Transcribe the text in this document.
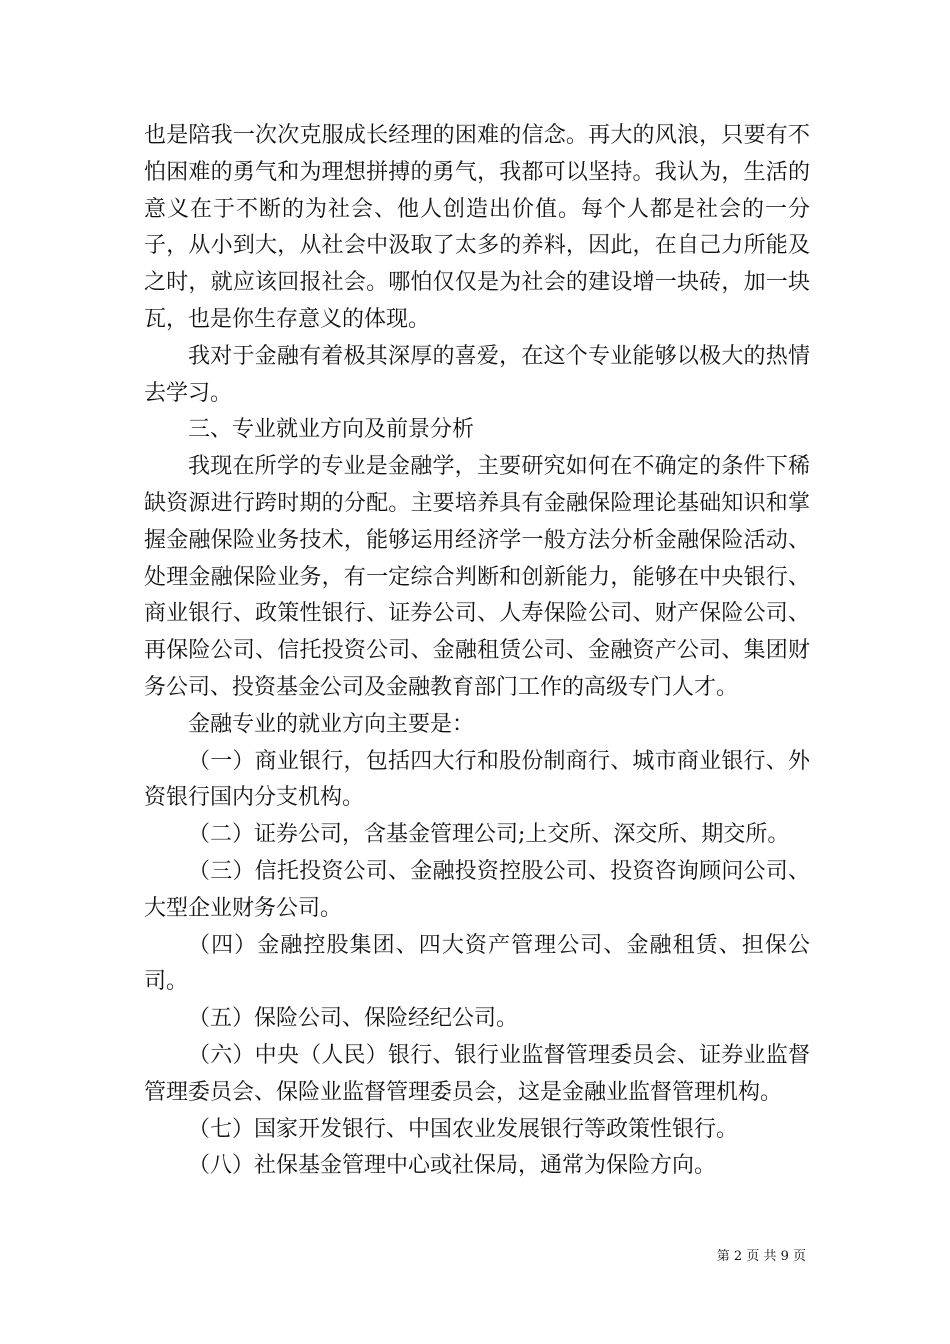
也是陪我一次次克服成长经理的困难的信念。再大的风浪，只要有不怕困难的勇气和为理想拼搏的勇气，我都可以坚持。我认为，生活的意义在于不断的为社会、他人创造出价值。每个人都是社会的一分子，从小到大，从社会中汲取了太多的养料，因此，在自己力所能及之时，就应该回报社会。哪怕仅仅是为社会的建设增一块砖，加一块瓦，也是你生存意义的体现。

我对于金融有着极其深厚的喜爱，在这个专业能够以极大的热情去学习。

三、专业就业方向及前景分析

我现在所学的专业是金融学，主要研究如何在不确定的条件下稀缺资源进行跨时期的分配。主要培养具有金融保险理论基础知识和掌握金融保险业务技术，能够运用经济学一般方法分析金融保险活动、处理金融保险业务，有一定综合判断和创新能力，能够在中央银行、商业银行、政策性银行、证券公司、人寿保险公司、财产保险公司、再保险公司、信托投资公司、金融租赁公司、金融资产公司、集团财务公司、投资基金公司及金融教育部门工作的高级专门人才。

金融专业的就业方向主要是：

（一）商业银行，包括四大行和股份制商行、城市商业银行、外资银行国内分支机构。

（二）证券公司，含基金管理公司;上交所、深交所、期交所。

（三）信托投资公司、金融投资控股公司、投资咨询顾问公司、大型企业财务公司。

（四）金融控股集团、四大资产管理公司、金融租赁、担保公司。

（五）保险公司、保险经纪公司。

（六）中央（人民）银行、银行业监督管理委员会、证券业监督管理委员会、保险业监督管理委员会，这是金融业监督管理机构。

（七）国家开发银行、中国农业发展银行等政策性银行。

（八）社保基金管理中心或社保局，通常为保险方向。

第 2 页 共 9 页
